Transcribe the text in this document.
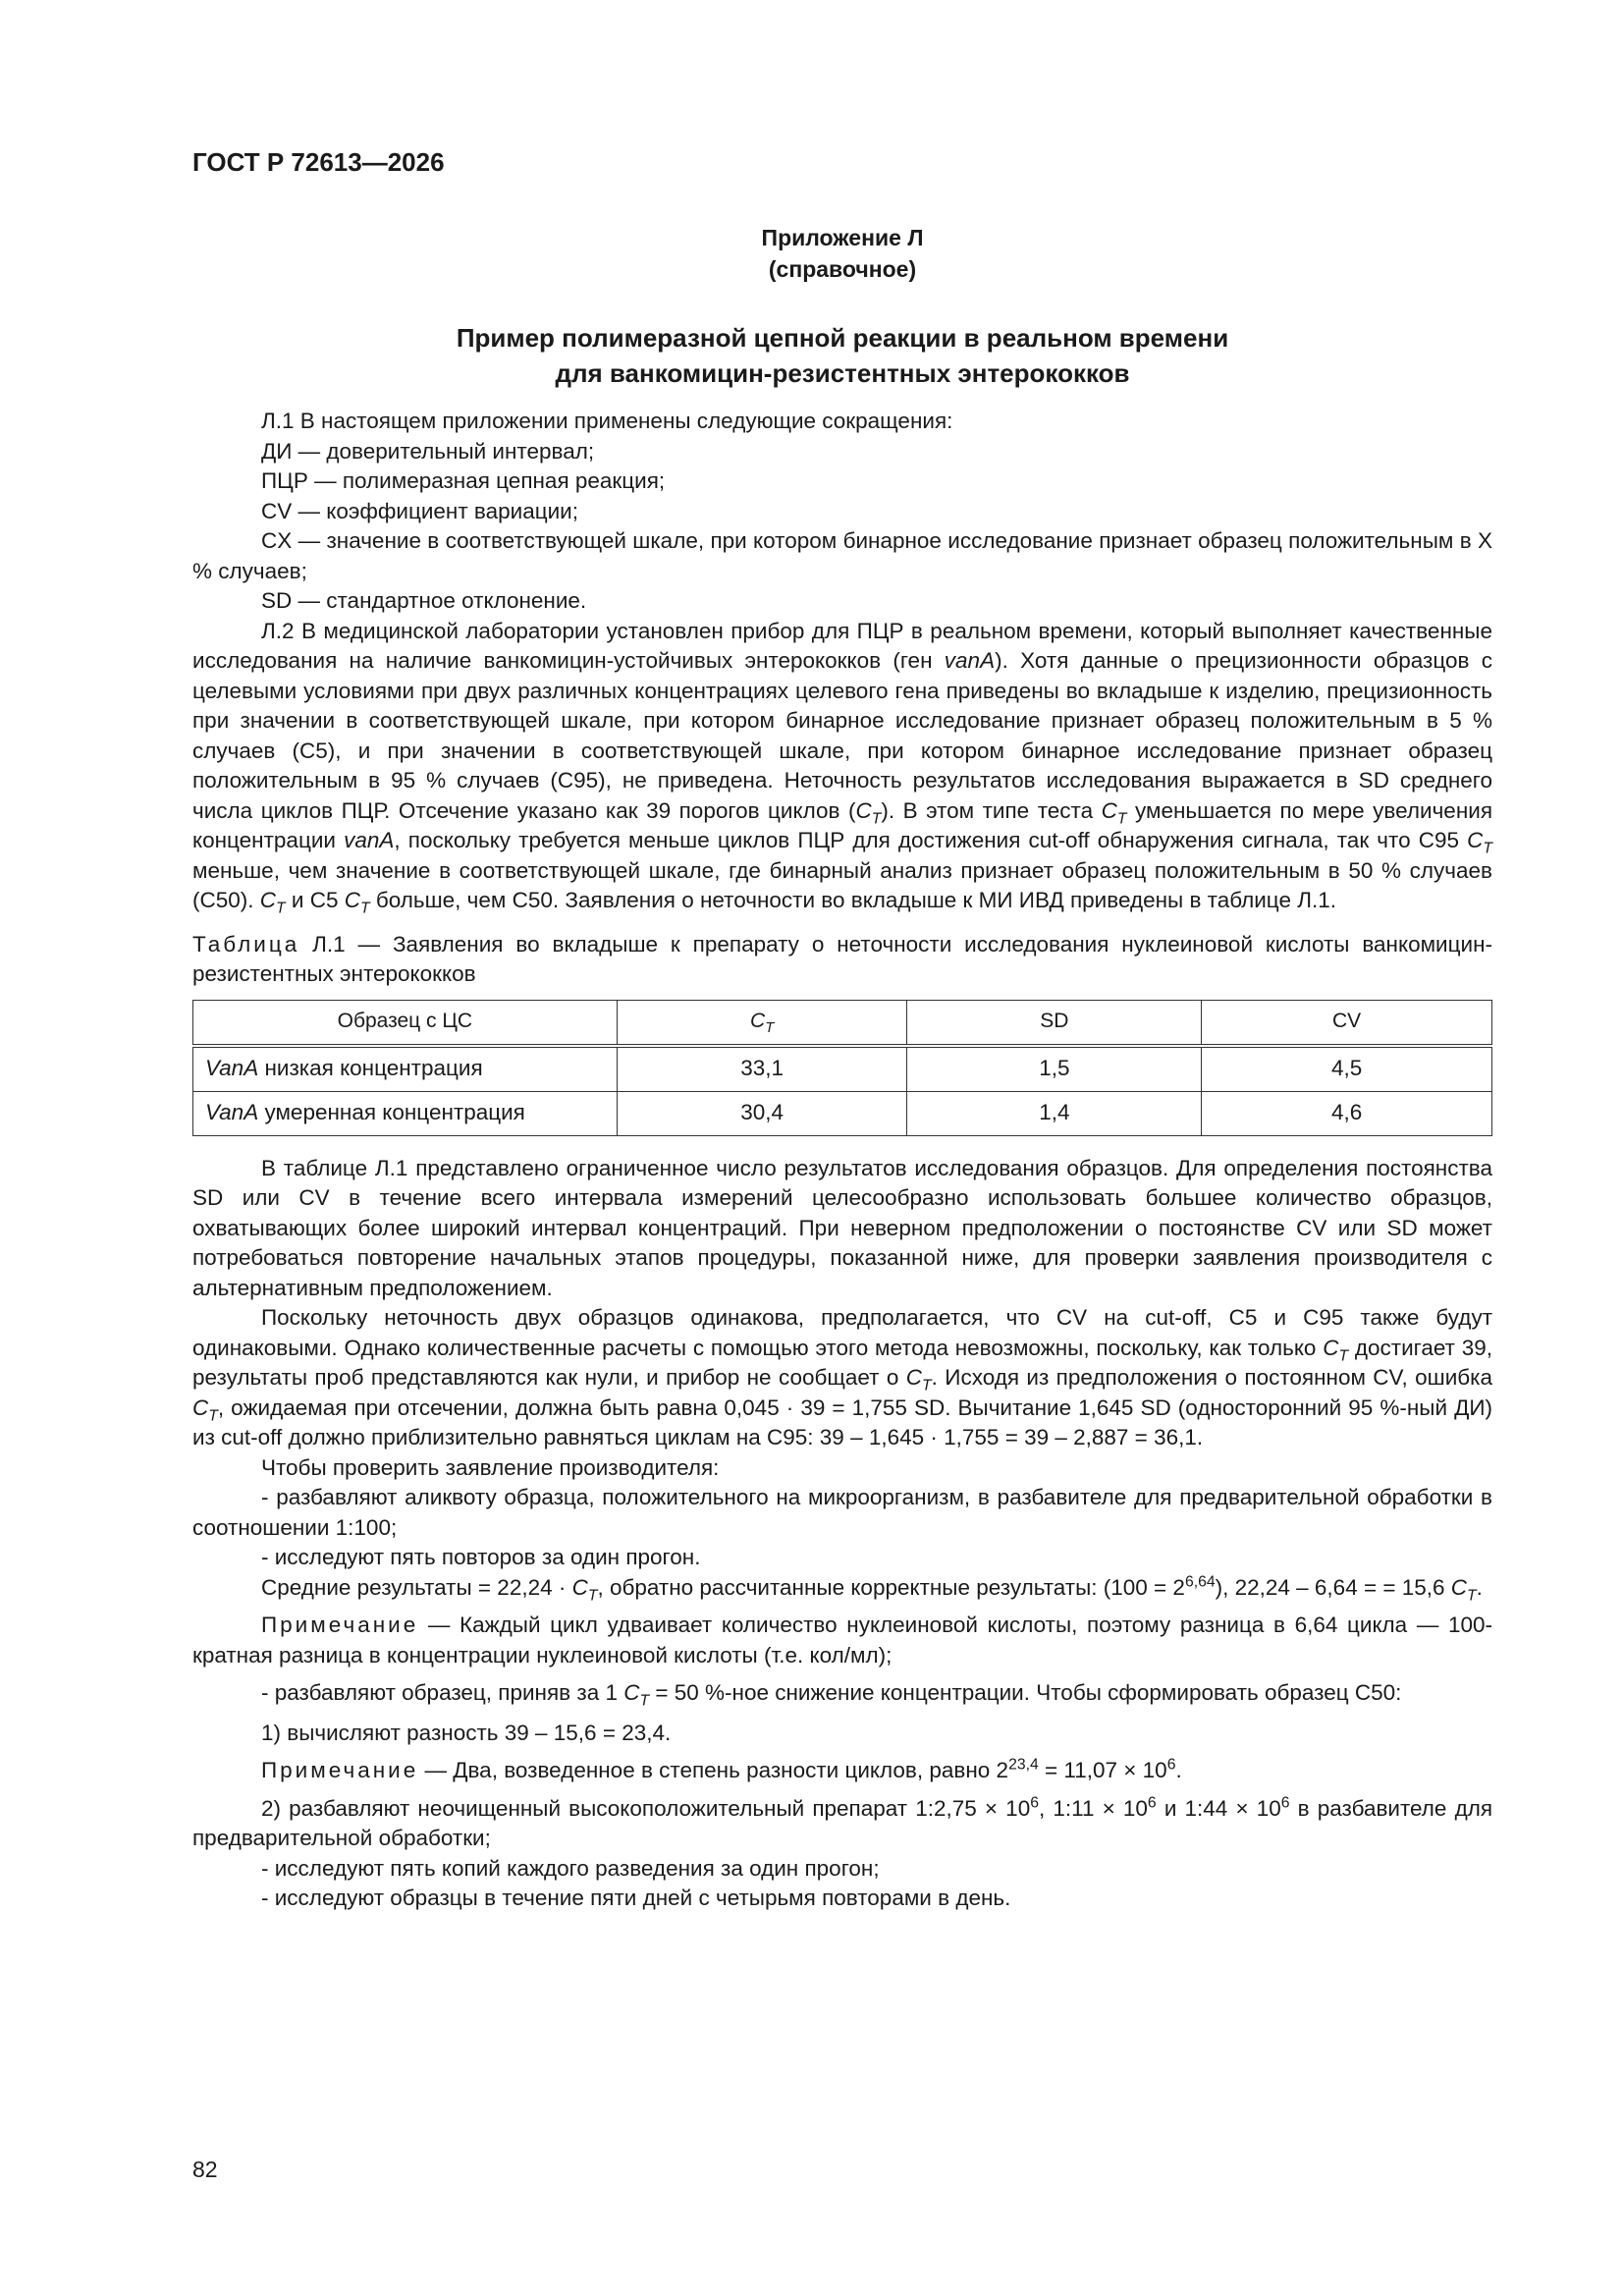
ГОСТ Р 72613—2026

Приложение Л

(справочное)

Пример полимеразной цепной реакции в реальном времени
для ванкомицин-резистентных энтерококков

Л.1 В настоящем приложении применены следующие сокращения:

ДИ — доверительный интервал;

ПЦР — полимеразная цепная реакция;

CV — коэффициент вариации;

CX — значение в соответствующей шкале, при котором бинарное исследование признает образец положительным в X % случаев;

SD — стандартное отклонение.

Л.2 В медицинской лаборатории установлен прибор для ПЦР в реальном времени, который выполняет качественные исследования на наличие ванкомицин-устойчивых энтерококков (ген vanA). Хотя данные о прецизионности образцов с целевыми условиями при двух различных концентрациях целевого гена приведены во вкладыше к изделию, прецизионность при значении в соответствующей шкале, при котором бинарное исследование признает образец положительным в 5 % случаев (С5), и при значении в соответствующей шкале, при котором бинарное исследование признает образец положительным в 95 % случаев (С95), не приведена. Неточность результатов исследования выражается в SD среднего числа циклов ПЦР. Отсечение указано как 39 порогов циклов $(C_T)$. В этом типе теста $C_T$ уменьшается по мере увеличения концентрации vanA, поскольку требуется меньше циклов ПЦР для достижения cut-off обнаружения сигнала, так что С95 $C_T$ меньше, чем значение в соответствующей шкале, где бинарный анализ признает образец положительным в 50 % случаев (С50). $C_T$ и С5 $C_T$ больше, чем С50. Заявления о неточности во вкладыше к МИ ИВД приведены в таблице Л.1.

Таблица Л.1 — Заявления во вкладыше к препарату о неточности исследования нуклеиновой кислоты ванкомицин-резистентных энтерококков

Образец с ЦС	$C_T$	SD	CV
VanA низкая концентрация	33,1	1,5	4,5
VanA умеренная концентрация	30,4	1,4	4,6

В таблице Л.1 представлено ограниченное число результатов исследования образцов. Для определения постоянства SD или CV в течение всего интервала измерений целесообразно использовать большее количество образцов, охватывающих более широкий интервал концентраций. При неверном предположении о постоянстве CV или SD может потребоваться повторение начальных этапов процедуры, показанной ниже, для проверки заявления производителя с альтернативным предположением.

Поскольку неточность двух образцов одинакова, предполагается, что CV на cut-off, С5 и С95 также будут одинаковыми. Однако количественные расчеты с помощью этого метода невозможны, поскольку, как только $C_T$ достигает 39, результаты проб представляются как нули, и прибор не сообщает о $C_T$. Исходя из предположения о постоянном CV, ошибка $C_T$, ожидаемая при отсечении, должна быть равна 0,045 · 39 = 1,755 SD. Вычитание 1,645 SD (односторонний 95 %-ный ДИ) из cut-off должно приблизительно равняться циклам на С95: 39 – 1,645 · 1,755 = 39 – 2,887 = 36,1.

Чтобы проверить заявление производителя:

- разбавляют аликвоту образца, положительного на микроорганизм, в разбавителе для предварительной обработки в соотношении 1:100;

- исследуют пять повторов за один прогон.

Средние результаты = $22,24 \cdot C_T$, обратно рассчитанные корректные результаты: $(100 = 2^{6,64})$, 22,24 – 6,64 = = 15,6 $C_T$.

Примечание — Каждый цикл удваивает количество нуклеиновой кислоты, поэтому разница в 6,64 цикла — 100-кратная разница в концентрации нуклеиновой кислоты (т.е. кол/мл);

- разбавляют образец, приняв за 1 $C_T = 50$ %-ное снижение концентрации. Чтобы сформировать образец С50:

1) вычисляют разность 39 – 15,6 = 23,4.

Примечание — Два, возведенное в степень разности циклов, равно $2^{23,4} = 11,07 \times 10^6$.

2) разбавляют неочищенный высокоположительный препарат 1:2,75 × $10^6$, 1:11 × $10^6$ и 1:44 × $10^6$ в разбавителе для предварительной обработки;

- исследуют пять копий каждого разведения за один прогон;

- исследуют образцы в течение пяти дней с четырьмя повторами в день.

82
